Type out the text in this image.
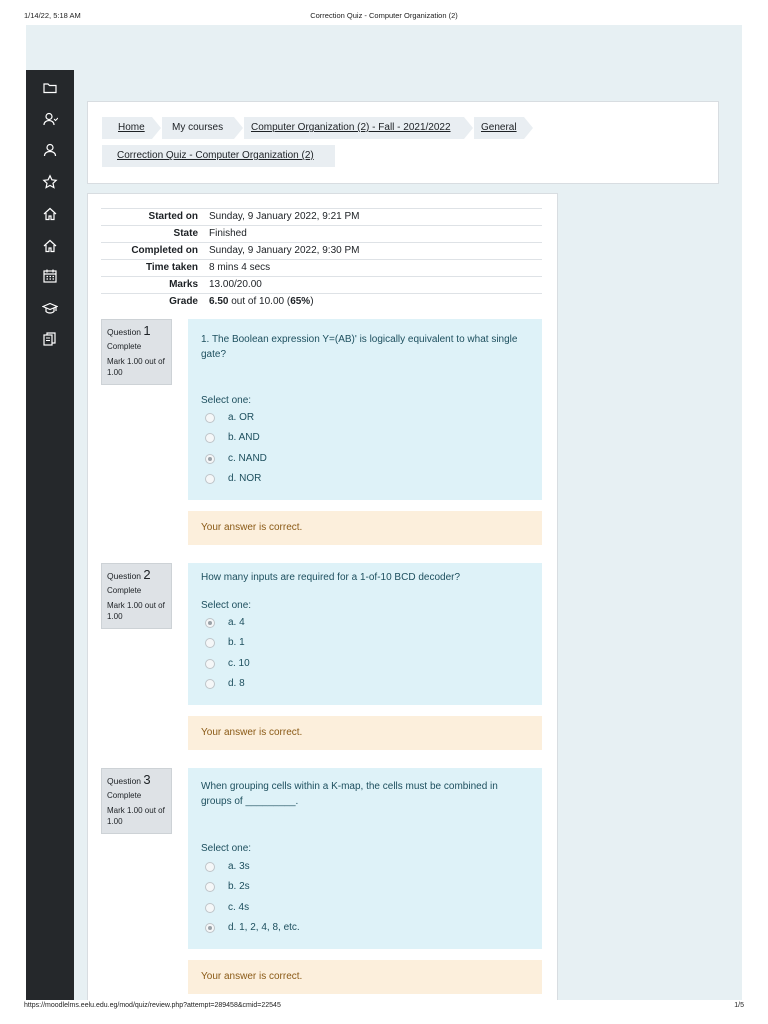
1/14/22, 5:18 AM	Correction Quiz - Computer Organization (2)
Home	My courses	Computer Organization (2) - Fall - 2021/2022	General
Correction Quiz - Computer Organization (2)
Started on Sunday, 9 January 2022, 9:21 PM
State Finished
Completed on Sunday, 9 January 2022, 9:30 PM
Time taken 8 mins 4 secs
Marks 13.00/20.00
Grade 6.50 out of 10.00 (65%)
Question 1
Complete
Mark 1.00 out of 1.00
1. The Boolean expression Y=(AB)' is logically equivalent to what single gate?
Select one:
a. OR
b. AND
c. NAND
d. NOR
Your answer is correct.
Question 2
Complete
Mark 1.00 out of 1.00
How many inputs are required for a 1-of-10 BCD decoder?
Select one:
a. 4
b. 1
c. 10
d. 8
Your answer is correct.
Question 3
Complete
Mark 1.00 out of 1.00
When grouping cells within a K-map, the cells must be combined in groups of _________.
Select one:
a. 3s
b. 2s
c. 4s
d. 1, 2, 4, 8, etc.
Your answer is correct.
https://moodlelms.eelu.edu.eg/mod/quiz/review.php?attempt=289458&cmid=22545	1/5
